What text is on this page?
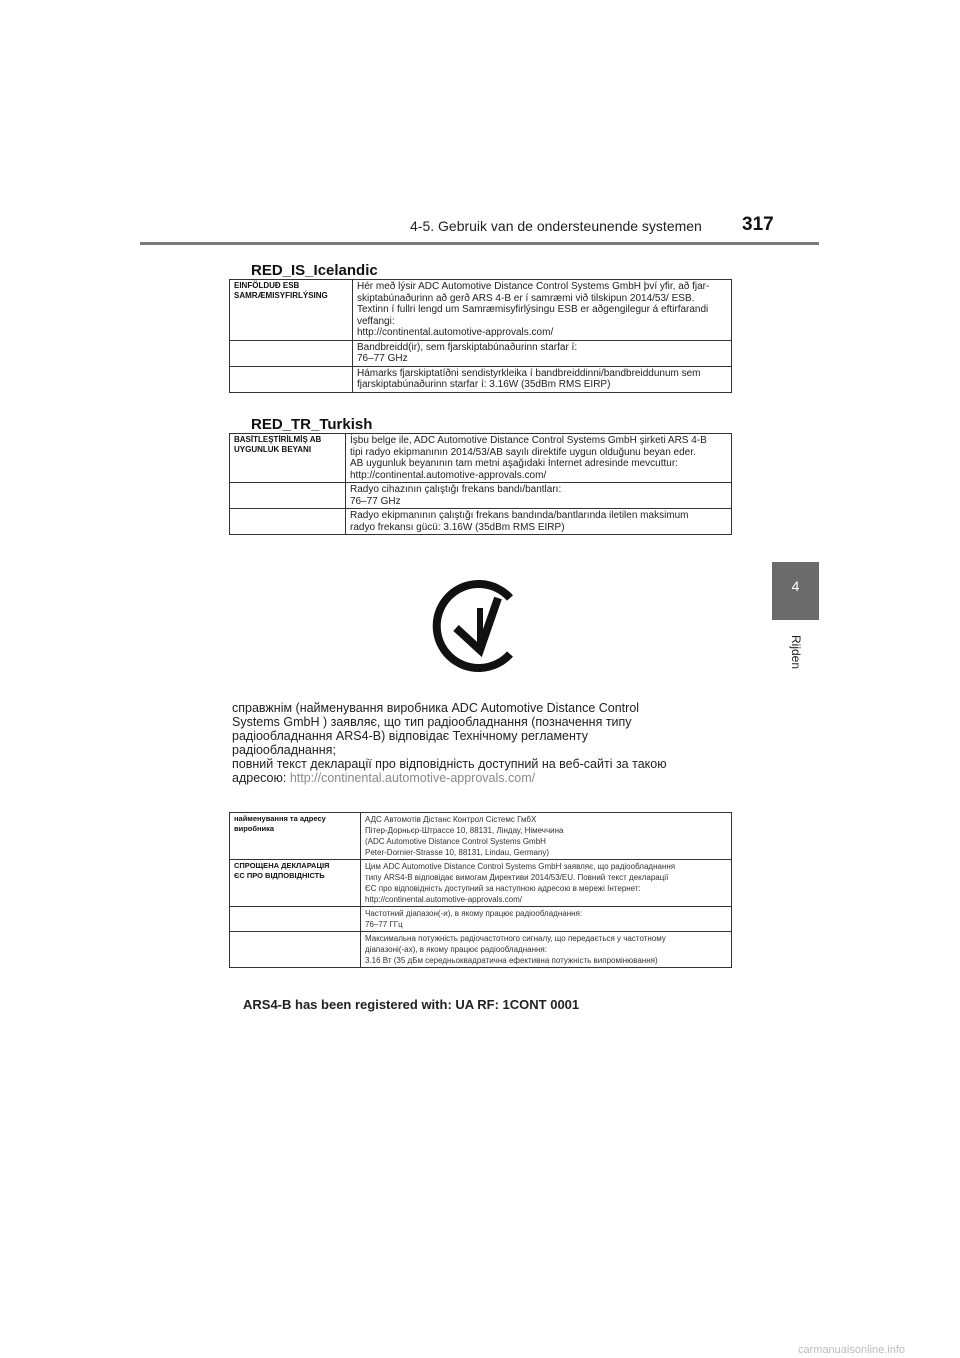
4-5. Gebruik van de ondersteunende systemen 317
4
Rijden
RED_IS_Icelandic
EINFÖLDUÐ ESB
SAMRÆMISYFIRLÝSING	Hér með lýsir ADC Automotive Distance Control Systems GmbH því yfir, að fjar-
skiptabúnaðurinn að gerð ARS 4-B er í samræmi við tilskipun 2014/53/ ESB.
Textinn í fullri lengd um Samræmisyfirlýsingu ESB er aðgengilegur á eftirfarandi
veffangi:
http://continental.automotive-approvals.com/

	Bandbreidd(ir), sem fjarskiptabúnaðurinn starfar í:
76–77 GHz

	Hámarks fjarskiptatíðni sendistyrkleika í bandbreiddinni/bandbreiddunum sem
fjarskiptabúnaðurinn starfar í: 3.16W (35dBm RMS EIRP)
RED_TR_Turkish
BASİTLEŞTİRİLMİŞ AB
UYGUNLUK BEYANI	İşbu belge ile, ADC Automotive Distance Control Systems GmbH şirketi ARS 4-B
tipi radyo ekipmanının 2014/53/AB sayılı direktife uygun olduğunu beyan eder.
AB uygunluk beyanının tam metni aşağıdaki İnternet adresinde mevcuttur:
http://continental.automotive-approvals.com/

	Radyo cihazının çalıştığı frekans bandı/bantları:
76–77 GHz

	Radyo ekipmanının çalıştığı frekans bandında/bantlarında iletilen maksimum
radyo frekansı gücü: 3.16W (35dBm RMS EIRP)
справжнім (найменування виробника ADC Automotive Distance Control
Systems GmbH ) заявляє, що тип радіообладнання (позначення типу
радіообладнання ARS4-B) відповідає Технічному регламенту
радіообладнання;
повний текст декларації про відповідність доступний на веб-сайті за такою
адресою: http://continental.automotive-approvals.com/
найменування та адресу
виробника	АДС Автомотів Дістанс Контрол Сістемс ГмбХ
Пітер-Дорньєр-Штрассе 10, 88131, Ліндау, Німеччина
(ADC Automotive Distance Control Systems GmbH
Peter-Dornier-Strasse 10, 88131, Lindau, Germany)

СПРОЩЕНА ДЕКЛАРАЦІЯ
ЄС ПРО ВІДПОВІДНІСТЬ	Цим ADC Automotive Distance Control Systems GmbH заявляє, що радіообладнання
типу ARS4-B відповідає вимогам Директиви 2014/53/EU. Повний текст декларації
ЄС про відповідність доступний за наступною адресою в мережі Інтернет:
http://continental.automotive-approvals.com/

	Частотний діапазон(-и), в якому працює радіообладнання:
76–77 ГГц

	Максимальна потужність радіочастотного сигналу, що передається у частотному
діапазоні(-ах), в якому працює радіообладнання:
3.16 Вт (35 дБм середньоквадратична ефективна потужність випромінювання)
ARS4-B has been registered with: UA RF: 1CONT 0001
carmanualsonline.info
